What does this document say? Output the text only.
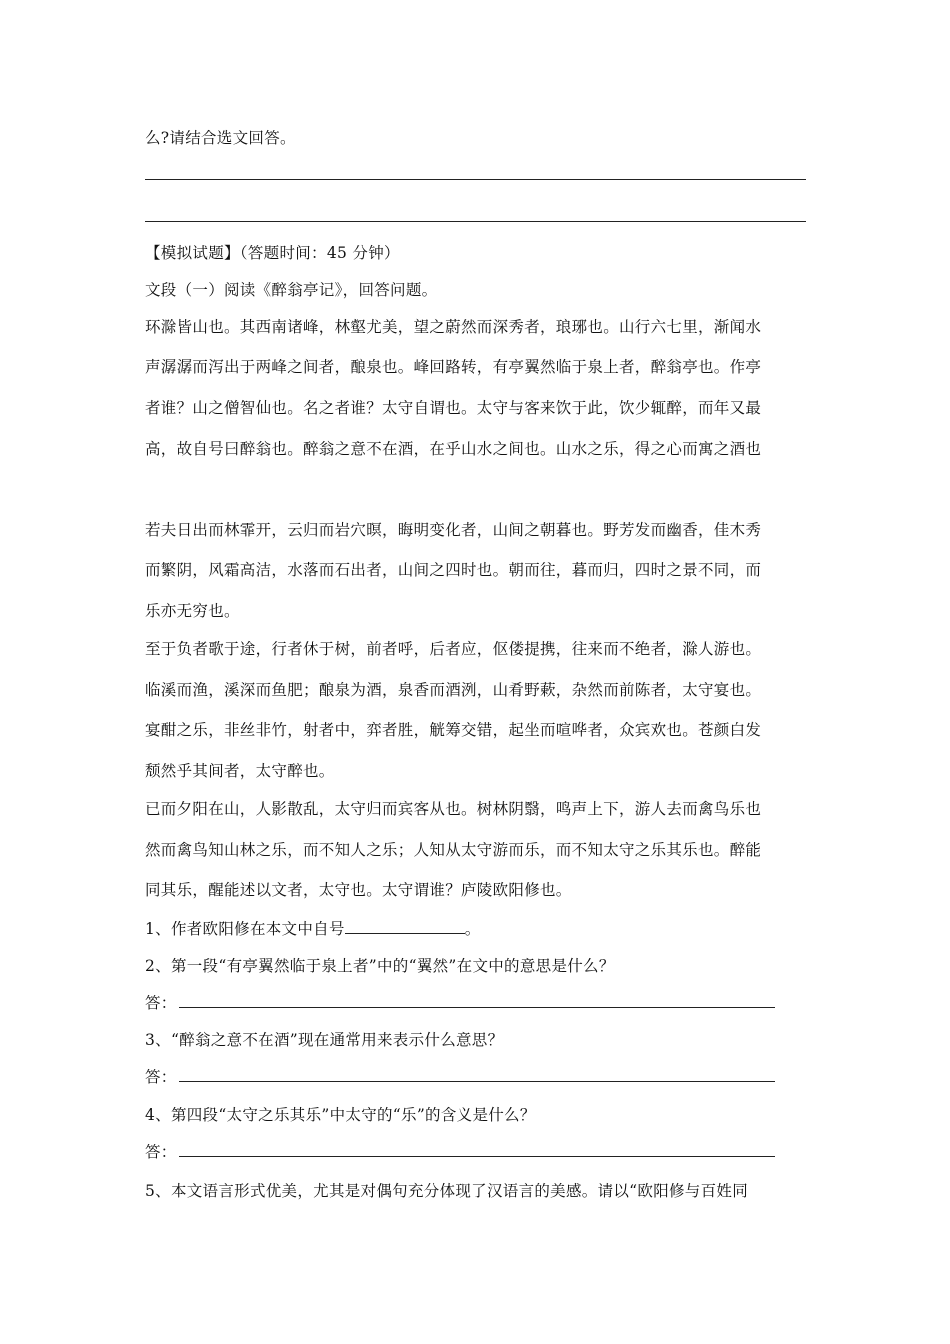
么?请结合选文回答。
【模拟试题】（答题时间：45 分钟）
文段（一）阅读《醉翁亭记》，回答问题。
环滁皆山也。其西南诸峰，林壑尤美，望之蔚然而深秀者，琅琊也。山行六七里，渐闻水
声潺潺而泻出于两峰之间者，酿泉也。峰回路转，有亭翼然临于泉上者，醉翁亭也。作亭
者谁？山之僧智仙也。名之者谁？太守自谓也。太守与客来饮于此，饮少辄醉，而年又最
高，故自号曰醉翁也。醉翁之意不在酒，在乎山水之间也。山水之乐，得之心而寓之酒也
若夫日出而林霏开，云归而岩穴暝，晦明变化者，山间之朝暮也。野芳发而幽香，佳木秀
而繁阴，风霜高洁，水落而石出者，山间之四时也。朝而往，暮而归，四时之景不同，而
乐亦无穷也。
至于负者歌于途，行者休于树，前者呼，后者应，伛偻提携，往来而不绝者，滁人游也。
临溪而渔，溪深而鱼肥；酿泉为酒，泉香而酒洌，山肴野蔌，杂然而前陈者，太守宴也。
宴酣之乐，非丝非竹，射者中，弈者胜，觥筹交错，起坐而喧哗者，众宾欢也。苍颜白发
颓然乎其间者，太守醉也。
已而夕阳在山，人影散乱，太守归而宾客从也。树林阴翳，鸣声上下，游人去而禽鸟乐也
然而禽鸟知山林之乐，而不知人之乐；人知从太守游而乐，而不知太守之乐其乐也。醉能
同其乐，醒能述以文者，太守也。太守谓谁？庐陵欧阳修也。
1、作者欧阳修在本文中自号	。
2、第一段“有亭翼然临于泉上者”中的“翼然”在文中的意思是什么？
答：
3、“醉翁之意不在酒”现在通常用来表示什么意思？
答：
4、第四段“太守之乐其乐”中太守的“乐”的含义是什么？
答：
5、本文语言形式优美，尤其是对偶句充分体现了汉语言的美感。请以“欧阳修与百姓同
